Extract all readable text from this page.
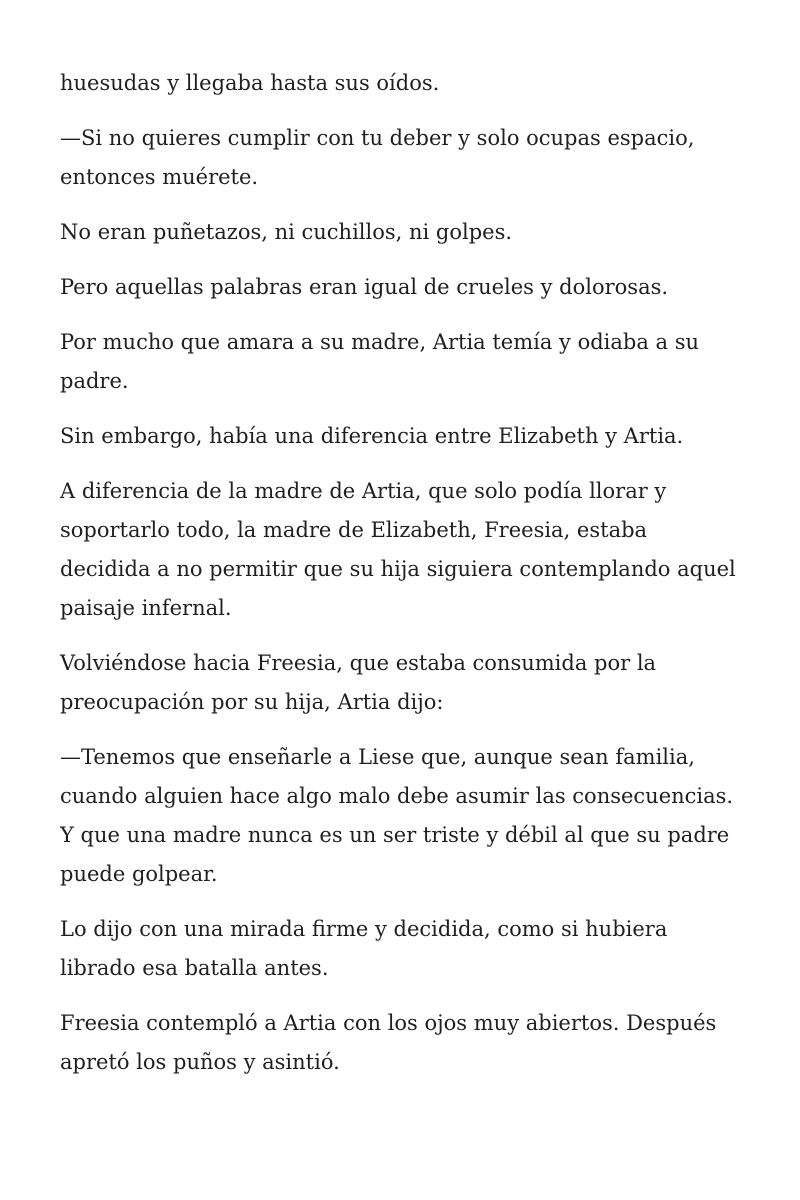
huesudas y llegaba hasta sus oídos.

—Si no quieres cumplir con tu deber y solo ocupas espacio, entonces muérete.

No eran puñetazos, ni cuchillos, ni golpes.

Pero aquellas palabras eran igual de crueles y dolorosas.

Por mucho que amara a su madre, Artia temía y odiaba a su padre.

Sin embargo, había una diferencia entre Elizabeth y Artia.

A diferencia de la madre de Artia, que solo podía llorar y soportarlo todo, la madre de Elizabeth, Freesia, estaba decidida a no permitir que su hija siguiera contemplando aquel paisaje infernal.

Volviéndose hacia Freesia, que estaba consumida por la preocupación por su hija, Artia dijo:

—Tenemos que enseñarle a Liese que, aunque sean familia, cuando alguien hace algo malo debe asumir las consecuencias. Y que una madre nunca es un ser triste y débil al que su padre puede golpear.

Lo dijo con una mirada firme y decidida, como si hubiera librado esa batalla antes.

Freesia contempló a Artia con los ojos muy abiertos. Después apretó los puños y asintió.
